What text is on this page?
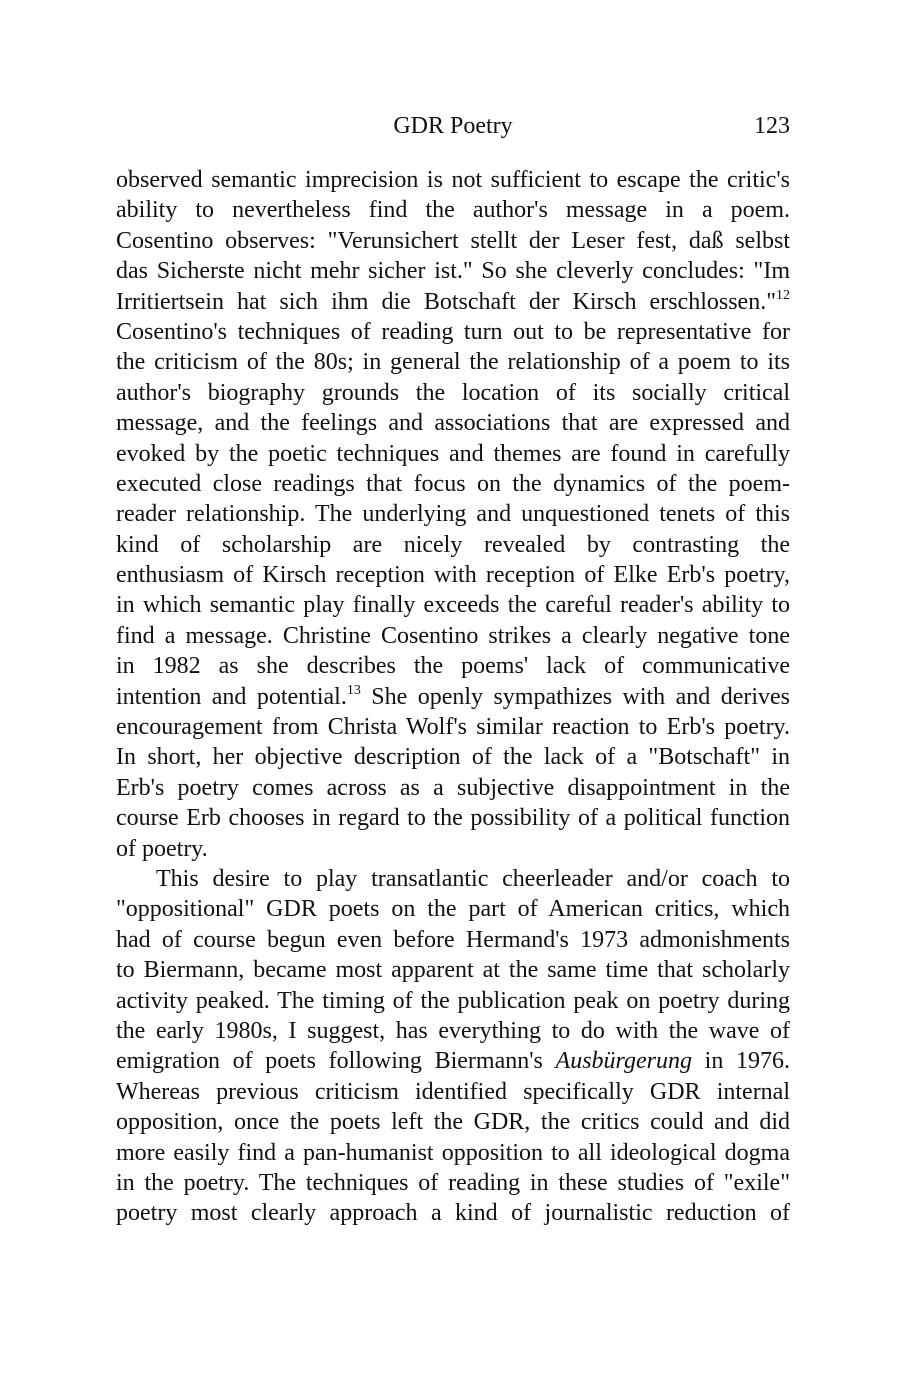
GDR Poetry	123
observed semantic imprecision is not sufficient to escape the critic's
ability to nevertheless find the author's message in a poem.
Cosentino observes: "Verunsichert stellt der Leser fest, daß selbst
das Sicherste nicht mehr sicher ist." So she cleverly concludes: "Im
Irritiertsein hat sich ihm die Botschaft der Kirsch erschlossen."$^{12}$
Cosentino's techniques of reading turn out to be representative for
the criticism of the 80s; in general the relationship of a poem to its
author's biography grounds the location of its socially critical
message, and the feelings and associations that are expressed and
evoked by the poetic techniques and themes are found in carefully
executed close readings that focus on the dynamics of the poem-
reader relationship. The underlying and unquestioned tenets of this
kind of scholarship are nicely revealed by contrasting the
enthusiasm of Kirsch reception with reception of Elke Erb's poetry,
in which semantic play finally exceeds the careful reader's ability to
find a message. Christine Cosentino strikes a clearly negative tone
in 1982 as she describes the poems' lack of communicative
intention and potential.$^{13}$ She openly sympathizes with and derives
encouragement from Christa Wolf's similar reaction to Erb's poetry.
In short, her objective description of the lack of a "Botschaft" in
Erb's poetry comes across as a subjective disappointment in the
course Erb chooses in regard to the possibility of a political function
of poetry.
This desire to play transatlantic cheerleader and/or coach to
"oppositional" GDR poets on the part of American critics, which
had of course begun even before Hermand's 1973 admonishments
to Biermann, became most apparent at the same time that scholarly
activity peaked. The timing of the publication peak on poetry during
the early 1980s, I suggest, has everything to do with the wave of
emigration of poets following Biermann's Ausbürgerung in 1976.
Whereas previous criticism identified specifically GDR internal
opposition, once the poets left the GDR, the critics could and did
more easily find a pan-humanist opposition to all ideological dogma
in the poetry. The techniques of reading in these studies of "exile"
poetry most clearly approach a kind of journalistic reduction of
